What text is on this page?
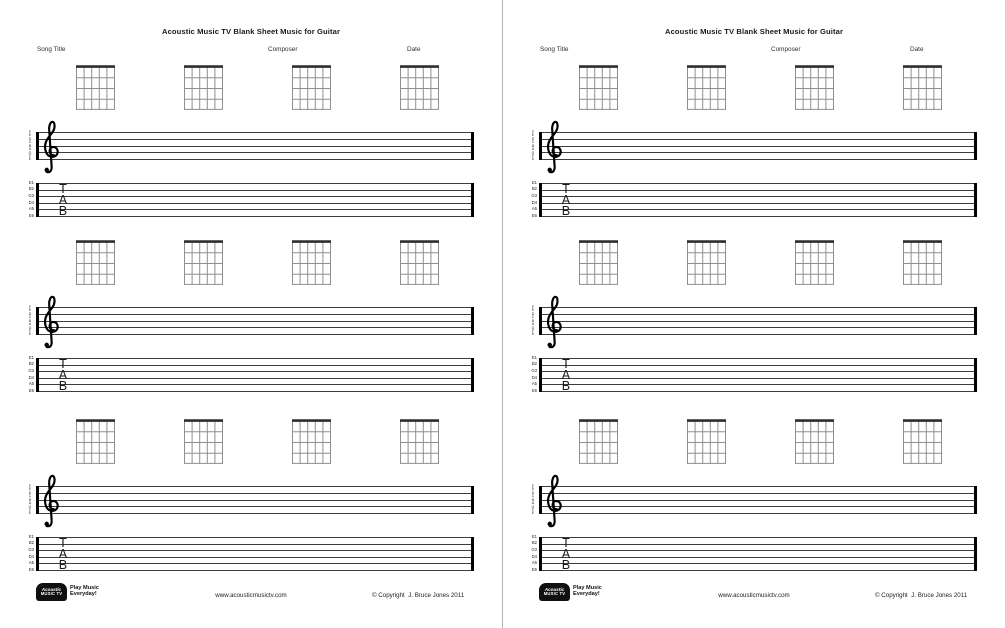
Acoustic Music TV Blank Sheet Music for Guitar
Song Title	Composer	Date
F
E
D
C
B
A
G
F
E
E1
B2
G3
D4
A5
E6
T
A
B
F
E
D
C
B
A
G
F
E
E1
B2
G3
D4
A5
E6
T
A
B
F
E
D
C
B
A
G
F
E
E1
B2
G3
D4
A5
E6
T
A
B
Acoustic
MUSIC TV
Play Music
Everyday!	www.acousticmusictv.com	© Copyright  J. Bruce Jones 2011
Acoustic Music TV Blank Sheet Music for Guitar
Song Title	Composer	Date
F
E
D
C
B
A
G
F
E
E1
B2
G3
D4
A5
E6
T
A
B
F
E
D
C
B
A
G
F
E
E1
B2
G3
D4
A5
E6
T
A
B
F
E
D
C
B
A
G
F
E
E1
B2
G3
D4
A5
E6
T
A
B
Acoustic
MUSIC TV
Play Music
Everyday!	www.acousticmusictv.com	© Copyright  J. Bruce Jones 2011
